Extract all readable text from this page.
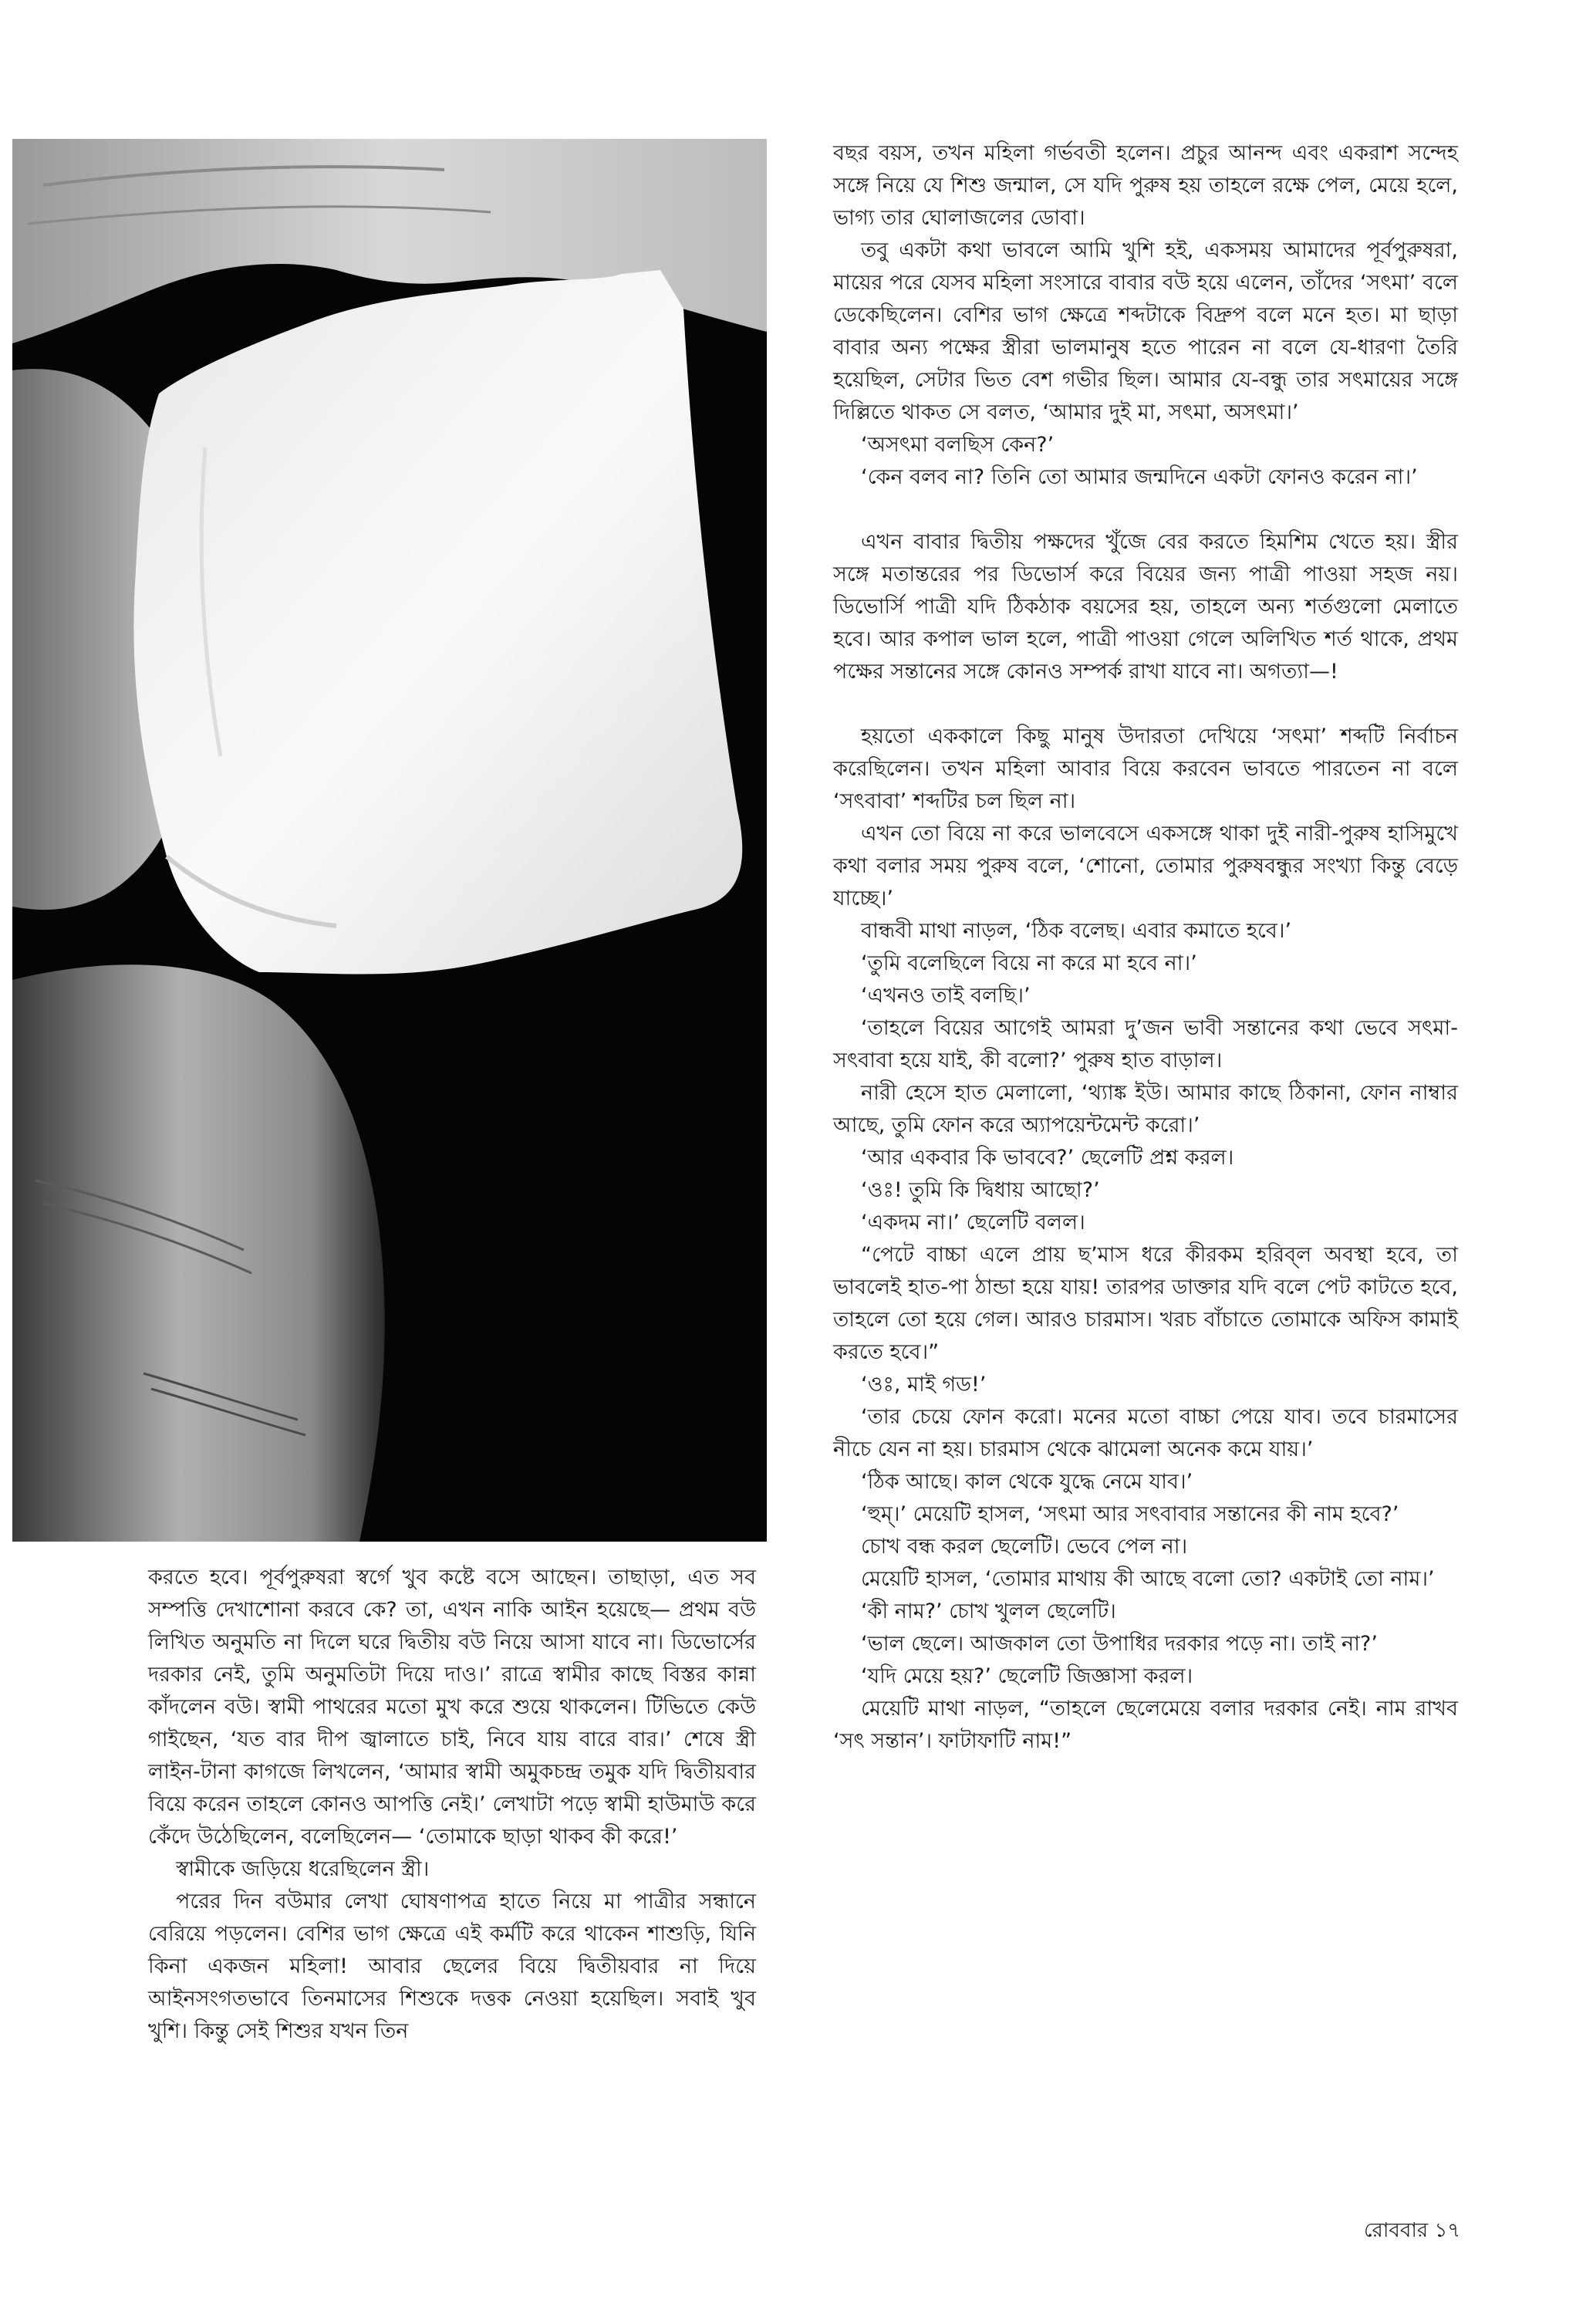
বছর বয়স, তখন মহিলা গর্ভবতী হলেন। প্রচুর আনন্দ এবং একরাশ সন্দেহ সঙ্গে নিয়ে যে শিশু জন্মাল, সে যদি পুরুষ হয় তাহলে রক্ষে পেল, মেয়ে হলে, ভাগ্য তার ঘোলাজলের ডোবা।

তবু একটা কথা ভাবলে আমি খুশি হই, একসময় আমাদের পূর্বপুরুষরা, মায়ের পরে যেসব মহিলা সংসারে বাবার বউ হয়ে এলেন, তাঁদের ‘সৎমা’ বলে ডেকেছিলেন। বেশির ভাগ ক্ষেত্রে শব্দটাকে বিদ্রুপ বলে মনে হত। মা ছাড়া বাবার অন্য পক্ষের স্ত্রীরা ভালমানুষ হতে পারেন না বলে যে-ধারণা তৈরি হয়েছিল, সেটার ভিত বেশ গভীর ছিল। আমার যে-বন্ধু তার সৎমায়ের সঙ্গে দিল্লিতে থাকত সে বলত, ‘আমার দুই মা, সৎমা, অসৎমা।’

‘অসৎমা বলছিস কেন?’

‘কেন বলব না? তিনি তো আমার জন্মদিনে একটা ফোনও করেন না।’

এখন বাবার দ্বিতীয় পক্ষদের খুঁজে বের করতে হিমশিম খেতে হয়। স্ত্রীর সঙ্গে মতান্তরের পর ডিভোর্স করে বিয়ের জন্য পাত্রী পাওয়া সহজ নয়। ডিভোর্সি পাত্রী যদি ঠিকঠাক বয়সের হয়, তাহলে অন্য শর্তগুলো মেলাতে হবে। আর কপাল ভাল হলে, পাত্রী পাওয়া গেলে অলিখিত শর্ত থাকে, প্রথম পক্ষের সন্তানের সঙ্গে কোনও সম্পর্ক রাখা যাবে না। অগত্যা—!

হয়তো এককালে কিছু মানুষ উদারতা দেখিয়ে ‘সৎমা’ শব্দটি নির্বাচন করেছিলেন। তখন মহিলা আবার বিয়ে করবেন ভাবতে পারতেন না বলে ‘সৎবাবা’ শব্দটির চল ছিল না।

এখন তো বিয়ে না করে ভালবেসে একসঙ্গে থাকা দুই নারী-পুরুষ হাসিমুখে কথা বলার সময় পুরুষ বলে, ‘শোনো, তোমার পুরুষবন্ধুর সংখ্যা কিন্তু বেড়ে যাচ্ছে।’

বান্ধবী মাথা নাড়ল, ‘ঠিক বলেছ। এবার কমাতে হবে।’

‘তুমি বলেছিলে বিয়ে না করে মা হবে না।’

‘এখনও তাই বলছি।’

‘তাহলে বিয়ের আগেই আমরা দু’জন ভাবী সন্তানের কথা ভেবে সৎমা-সৎবাবা হয়ে যাই, কী বলো?’ পুরুষ হাত বাড়াল।

নারী হেসে হাত মেলালো, ‘থ্যাঙ্ক ইউ। আমার কাছে ঠিকানা, ফোন নাম্বার আছে, তুমি ফোন করে অ্যাপয়েন্টমেন্ট করো।’

‘আর একবার কি ভাববে?’ ছেলেটি প্রশ্ন করল।

‘ওঃ! তুমি কি দ্বিধায় আছো?’

‘একদম না।’ ছেলেটি বলল।

“পেটে বাচ্চা এলে প্রায় ছ’মাস ধরে কীরকম হরিব্‌ল অবস্থা হবে, তা ভাবলেই হাত-পা ঠান্ডা হয়ে যায়! তারপর ডাক্তার যদি বলে পেট কাটতে হবে, তাহলে তো হয়ে গেল। আরও চারমাস। খরচ বাঁচাতে তোমাকে অফিস কামাই করতে হবে।”

‘ওঃ, মাই গড!’

‘তার চেয়ে ফোন করো। মনের মতো বাচ্চা পেয়ে যাব। তবে চারমাসের নীচে যেন না হয়। চারমাস থেকে ঝামেলা অনেক কমে যায়।’

‘ঠিক আছে। কাল থেকে যুদ্ধে নেমে যাব।’

‘হুম্‌।’ মেয়েটি হাসল, ‘সৎমা আর সৎবাবার সন্তানের কী নাম হবে?’

চোখ বন্ধ করল ছেলেটি। ভেবে পেল না।

মেয়েটি হাসল, ‘তোমার মাথায় কী আছে বলো তো? একটাই তো নাম।’

‘কী নাম?’ চোখ খুলল ছেলেটি।

‘ভাল ছেলে। আজকাল তো উপাধির দরকার পড়ে না। তাই না?’

‘যদি মেয়ে হয়?’ ছেলেটি জিজ্ঞাসা করল।

মেয়েটি মাথা নাড়ল, “তাহলে ছেলেমেয়ে বলার দরকার নেই। নাম রাখব ‘সৎ সন্তান’। ফাটাফাটি নাম!”

করতে হবে। পূর্বপুরুষরা স্বর্গে খুব কষ্টে বসে আছেন। তাছাড়া, এত সব সম্পত্তি দেখাশোনা করবে কে? তা, এখন নাকি আইন হয়েছে— প্রথম বউ লিখিত অনুমতি না দিলে ঘরে দ্বিতীয় বউ নিয়ে আসা যাবে না। ডিভোর্সের দরকার নেই, তুমি অনুমতিটা দিয়ে দাও।’ রাত্রে স্বামীর কাছে বিস্তর কান্না কাঁদলেন বউ। স্বামী পাথরের মতো মুখ করে শুয়ে থাকলেন। টিভিতে কেউ গাইছেন, ‘যত বার দীপ জ্বালাতে চাই, নিবে যায় বারে বার।’ শেষে স্ত্রী লাইন-টানা কাগজে লিখলেন, ‘আমার স্বামী অমুকচন্দ্র তমুক যদি দ্বিতীয়বার বিয়ে করেন তাহলে কোনও আপত্তি নেই।’ লেখাটা পড়ে স্বামী হাউমাউ করে কেঁদে উঠেছিলেন, বলেছিলেন— ‘তোমাকে ছাড়া থাকব কী করে!’

স্বামীকে জড়িয়ে ধরেছিলেন স্ত্রী।

পরের দিন বউমার লেখা ঘোষণাপত্র হাতে নিয়ে মা পাত্রীর সন্ধানে বেরিয়ে পড়লেন। বেশির ভাগ ক্ষেত্রে এই কর্মটি করে থাকেন শাশুড়ি, যিনি কিনা একজন মহিলা! আবার ছেলের বিয়ে দ্বিতীয়বার না দিয়ে আইনসংগতভাবে তিনমাসের শিশুকে দত্তক নেওয়া হয়েছিল। সবাই খুব খুশি। কিন্তু সেই শিশুর যখন তিন

রোববার ১৭
